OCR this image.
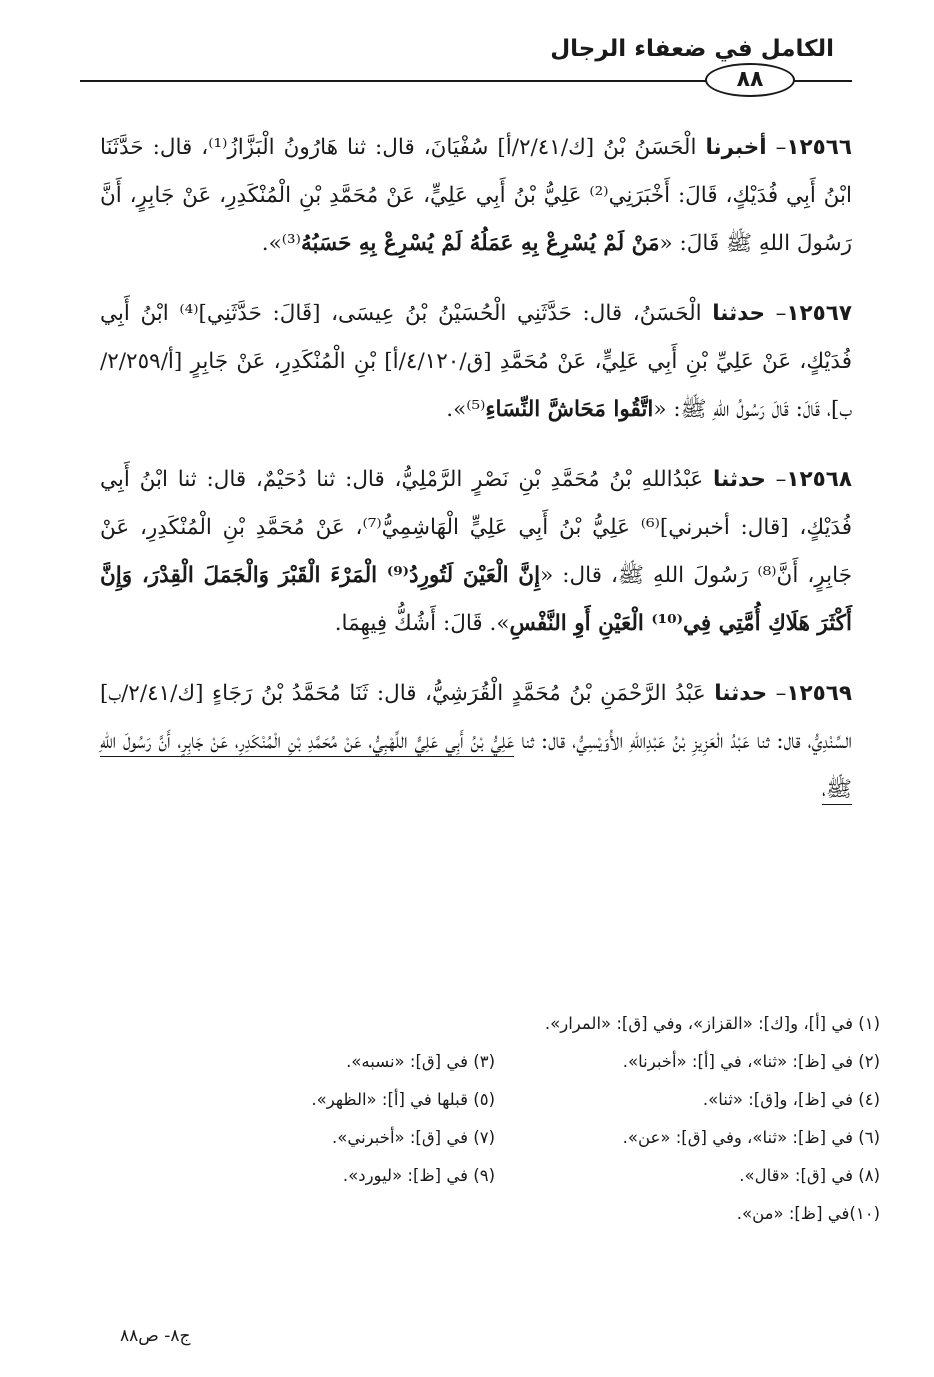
الكامل في ضعفاء الرجال
٨٨

١٢٥٦٦– أخبرنا الْحَسَنُ بْنُ [ك/٢/٤١/أ] سُفْيَانَ، قال: ثنا هَارُونُ الْبَزَّازُ⁽¹⁾، قال: حَدَّثَنَا ابْنُ أَبِي فُدَيْكٍ، قَالَ: أَخْبَرَنِي⁽²⁾ عَلِيُّ بْنُ أَبِي عَلِيٍّ، عَنْ مُحَمَّدِ بْنِ الْمُنْكَدِرِ، عَنْ جَابِرٍ، أَنَّ رَسُولَ اللهِ ﷺ قَالَ: «مَنْ لَمْ يُسْرِعْ بِهِ عَمَلُهُ لَمْ يُسْرِعْ بِهِ حَسَبُهُ⁽³⁾».

١٢٥٦٧– حدثنا الْحَسَنُ، قال: حَدَّثَنِي الْحُسَيْنُ بْنُ عِيسَى، [قَالَ: حَدَّثَنِي]⁽⁴⁾ ابْنُ أَبِي فُدَيْكٍ، عَنْ عَلِيِّ بْنِ أَبِي عَلِيٍّ، عَنْ مُحَمَّدِ [ق/٤/١٢٠/أ] بْنِ الْمُنْكَدِرِ، عَنْ جَابِرٍ [أ/٢/٢٥٩/ب]، قَالَ: قَالَ رَسُولُ اللهِ ﷺ: «اتَّقُوا مَحَاشَّ النِّسَاءِ⁽⁵⁾».

١٢٥٦٨– حدثنا عَبْدُاللهِ بْنُ مُحَمَّدِ بْنِ نَصْرٍ الرَّمْلِيُّ، قال: ثنا دُحَيْمٌ، قال: ثنا ابْنُ أَبِي فُدَيْكٍ، [قال: أخبرني]⁽⁶⁾ عَلِيُّ بْنُ أَبِي عَلِيٍّ الْهَاشِمِيُّ⁽⁷⁾، عَنْ مُحَمَّدِ بْنِ الْمُنْكَدِرِ، عَنْ جَابِرٍ، أَنَّ⁽⁸⁾ رَسُولَ اللهِ ﷺ، قال: «إِنَّ الْعَيْنَ لَتُورِدُ⁽⁹⁾ الْمَرْءَ الْقَبْرَ وَالْجَمَلَ الْقِدْرَ، وَإِنَّ أَكْثَرَ هَلَاكِ أُمَّتِي فِي⁽¹⁰⁾ الْعَيْنِ أَوِ النَّفْسِ». قَالَ: أَشُكُّ فِيهِمَا.

١٢٥٦٩– حدثنا عَبْدُ الرَّحْمَنِ بْنُ مُحَمَّدٍ الْقُرَشِيُّ، قال: ثَنَا مُحَمَّدُ بْنُ رَجَاءٍ [ك/٢/٤١/ب] السِّنْدِيُّ، قال: ثنا عَبْدُ الْعَزِيزِ بْنُ عَبْدِاللهِ الأُوَيْسِيُّ، قال: ثنا عَلِيُّ بْنُ أَبِي عَلِيٍّ اللِّهْبِيُّ، عَنْ مُحَمَّدِ بْنِ الْمُنْكَدِرِ، عَنْ جَابِرٍ، أَنَّ رَسُولَ اللهِ ﷺ،

(١) في [أ]، و[ك]: «القزاز»، وفي [ق]: «المرار».
(٢) في [ظ]: «ثنا»، في [أ]: «أخبرنا».
(٣) في [ق]: «نسبه».
(٤) في [ظ]، و[ق]: «ثنا».
(٥) قبلها في [أ]: «الظهر».
(٦) في [ظ]: «ثنا»، وفي [ق]: «عن».
(٧) في [ق]: «أخبرني».
(٨) في [ق]: «قال».
(٩) في [ظ]: «ليورد».
(١٠)في [ظ]: «من».
ج٨- ص٨٨
